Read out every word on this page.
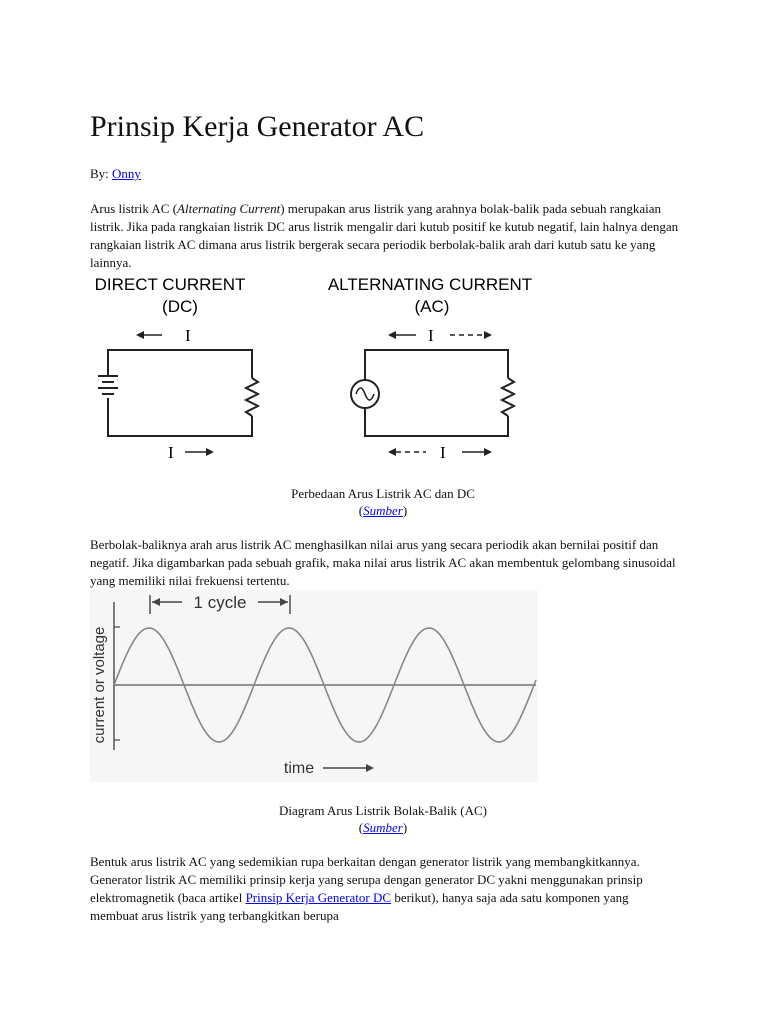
Prinsip Kerja Generator AC
By: Onny
Arus listrik AC (Alternating Current) merupakan arus listrik yang arahnya bolak-balik pada sebuah rangkaian listrik. Jika pada rangkaian listrik DC arus listrik mengalir dari kutub positif ke kutub negatif, lain halnya dengan rangkaian listrik AC dimana arus listrik bergerak secara periodik berbolak-balik arah dari kutub satu ke yang lainnya.
DIRECT CURRENT
(DC)
ALTERNATING CURRENT
(AC)
I
I
I
I
Perbedaan Arus Listrik AC dan DC
(Sumber)
Berbolak-baliknya arah arus listrik AC menghasilkan nilai arus yang secara periodik akan bernilai positif dan negatif. Jika digambarkan pada sebuah grafik, maka nilai arus listrik AC akan membentuk gelombang sinusoidal yang memiliki nilai frekuensi tertentu.
1 cycle
current or voltage
time
Diagram Arus Listrik Bolak-Balik (AC)
(Sumber)
Bentuk arus listrik AC yang sedemikian rupa berkaitan dengan generator listrik yang membangkitkannya. Generator listrik AC memiliki prinsip kerja yang serupa dengan generator DC yakni menggunakan prinsip elektromagnetik (baca artikel Prinsip Kerja Generator DC berikut), hanya saja ada satu komponen yang membuat arus listrik yang terbangkitkan berupa
